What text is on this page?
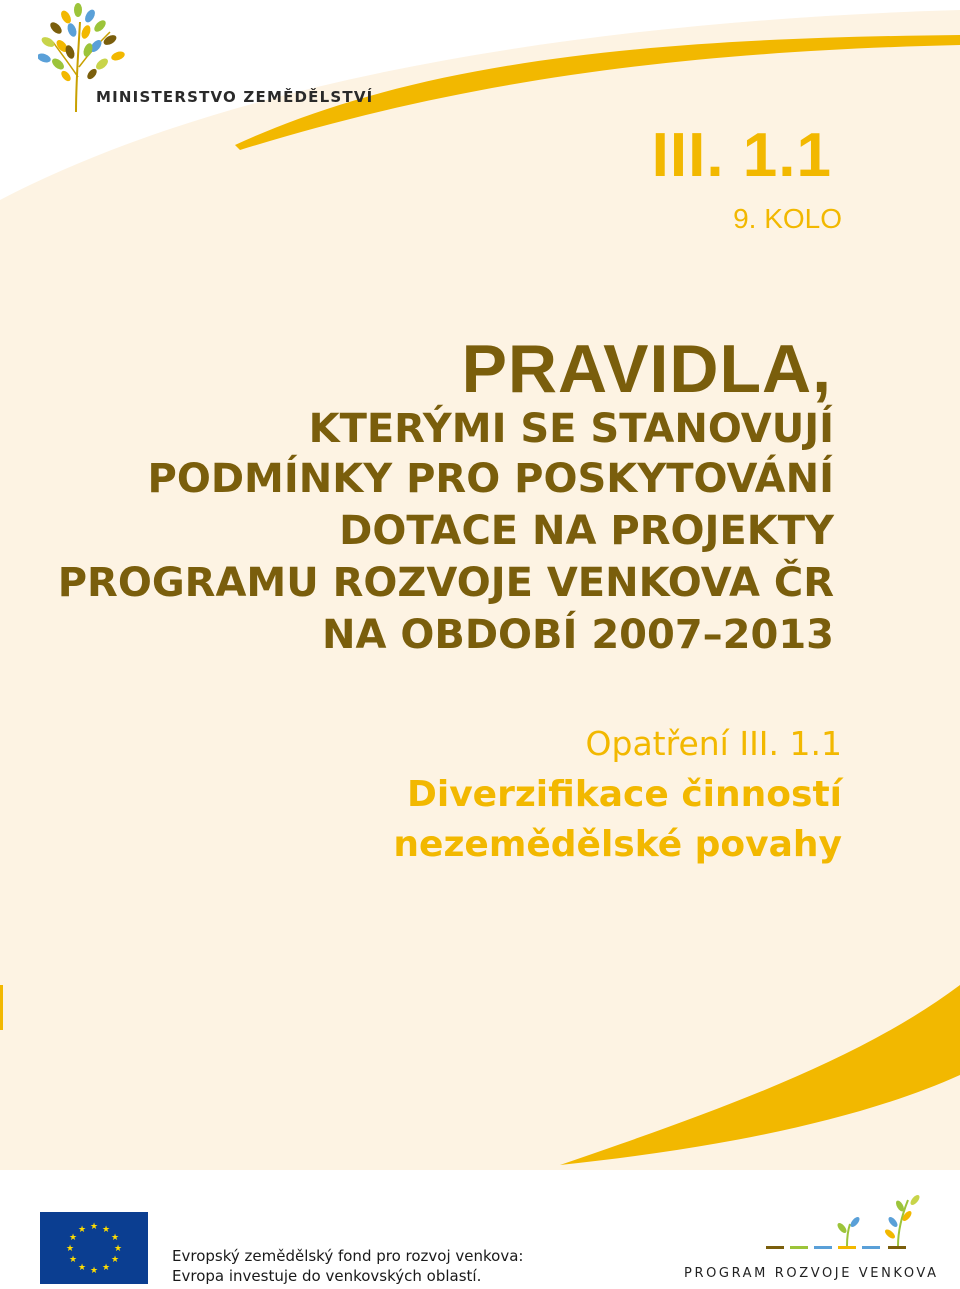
MINISTERSTVO ZEMĚDĚLSTVÍ
III. 1.1
9. KOLO
PRAVIDLA,
KTERÝMI SE STANOVUJÍ
PODMÍNKY PRO POSKYTOVÁNÍ
DOTACE NA PROJEKTY
PROGRAMU ROZVOJE VENKOVA ČR
NA OBDOBÍ 2007–2013
Opatření III. 1.1
Diverzifikace činností nezemědělské povahy
★ ★
★
★
★
★
★
★
★
★
★
★
Evropský zemědělský fond pro rozvoj venkova:
Evropa investuje do venkovských oblastí.	PROGRAM ROZVOJE VENKOVA
